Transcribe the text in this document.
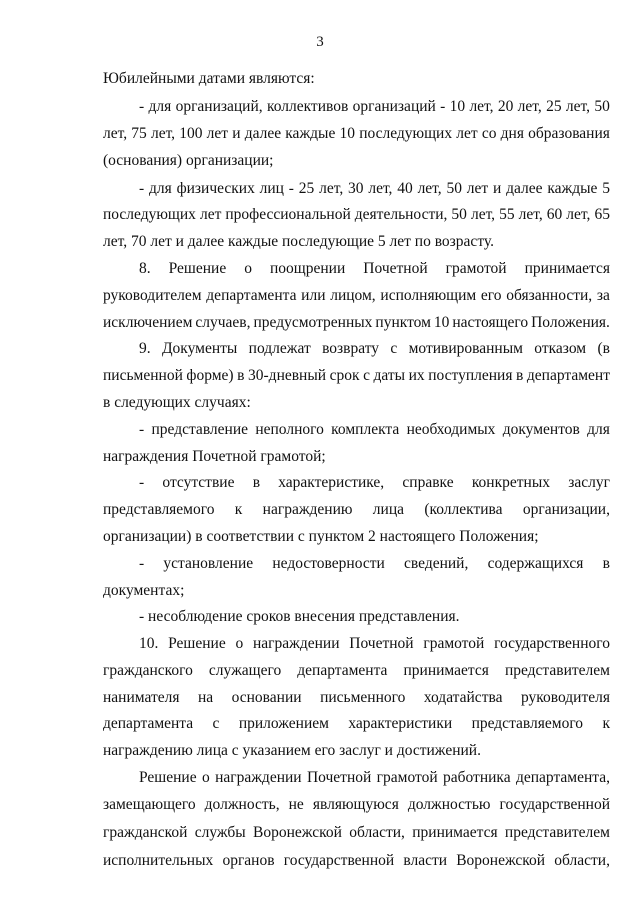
3
Юбилейными датами являются:
- для организаций, коллективов организаций - 10 лет, 20 лет, 25 лет, 50
лет, 75 лет, 100 лет и далее каждые 10 последующих лет со дня образования
(основания) организации;
- для физических лиц - 25 лет, 30 лет, 40 лет, 50 лет и далее каждые 5
последующих лет профессиональной деятельности, 50 лет, 55 лет, 60 лет, 65
лет, 70 лет и далее каждые последующие 5 лет по возрасту.
8. Решение о поощрении Почетной грамотой принимается
руководителем департамента или лицом, исполняющим его обязанности, за
исключением случаев, предусмотренных пунктом 10 настоящего Положения.
9. Документы подлежат возврату с мотивированным отказом (в
письменной форме) в 30-дневный срок с даты их поступления в департамент
в следующих случаях:
- представление неполного комплекта необходимых документов для
награждения Почетной грамотой;
- отсутствие в характеристике, справке конкретных заслуг
представляемого к награждению лица (коллектива организации,
организации) в соответствии с пунктом 2 настоящего Положения;
- установление недостоверности сведений, содержащихся в
документах;
- несоблюдение сроков внесения представления.
10. Решение о награждении Почетной грамотой государственного
гражданского служащего департамента принимается представителем
нанимателя на основании письменного ходатайства руководителя
департамента с приложением характеристики представляемого к
награждению лица с указанием его заслуг и достижений.
Решение о награждении Почетной грамотой работника департамента,
замещающего должность, не являющуюся должностью государственной
гражданской службы Воронежской области, принимается представителем
исполнительных органов государственной власти Воронежской области,
